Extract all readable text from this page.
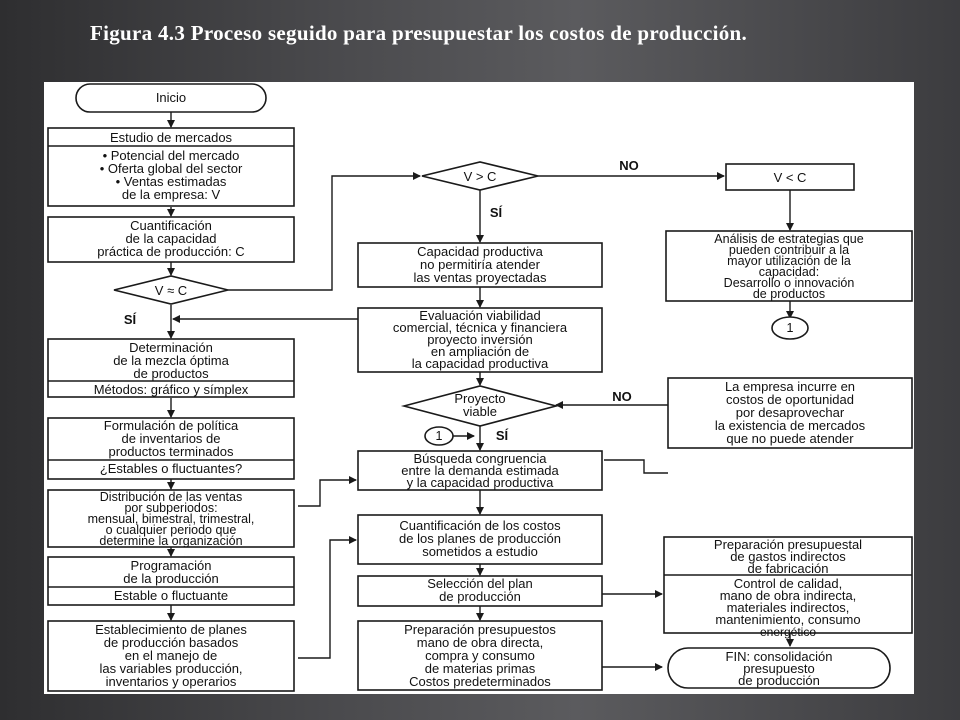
Figura 4.3 Proceso seguido para presupuestar los costos de producción.
Inicio
Estudio de mercados
• Potencial del mercado
• Oferta global del sector
• Ventas estimadas
de la empresa: V
Cuantificación
de la capacidad
práctica de producción: C
V ≈ C
SÍ
Determinación
de la mezcla óptima
de productos
Métodos: gráfico y símplex
Formulación de política
de inventarios de
productos terminados
¿Estables o fluctuantes?
Distribución de las ventas
por subperiodos:
mensual, bimestral, trimestral,
o cualquier periodo que
determine la organización
Programación
de la producción
Estable o fluctuante
Establecimiento de planes
de producción basados
en el manejo de
las variables producción,
inventarios y operarios
V > C
SÍ
NO
V < C
Capacidad productiva
no permitiría atender
las ventas proyectadas
Evaluación viabilidad
comercial, técnica y financiera
proyecto inversión
en ampliación de
la capacidad productiva
Proyecto
viable
NO
SÍ
1
Búsqueda congruencia
entre la demanda estimada
y la capacidad productiva
Cuantificación de los costos
de los planes de producción
sometidos a estudio
Selección del plan
de producción
Preparación presupuestos
mano de obra directa,
compra y consumo
de materias primas
Costos predeterminados
Análisis de estrategias que
pueden contribuir a la
mayor utilización de la
capacidad:
Desarrollo o innovación
de productos
1
La empresa incurre en
costos de oportunidad
por desaprovechar
la existencia de mercados
que no puede atender
Preparación presupuestal
de gastos indirectos
de fabricación
Control de calidad,
mano de obra indirecta,
materiales indirectos,
mantenimiento, consumo
energético
FIN: consolidación
presupuesto
de producción
